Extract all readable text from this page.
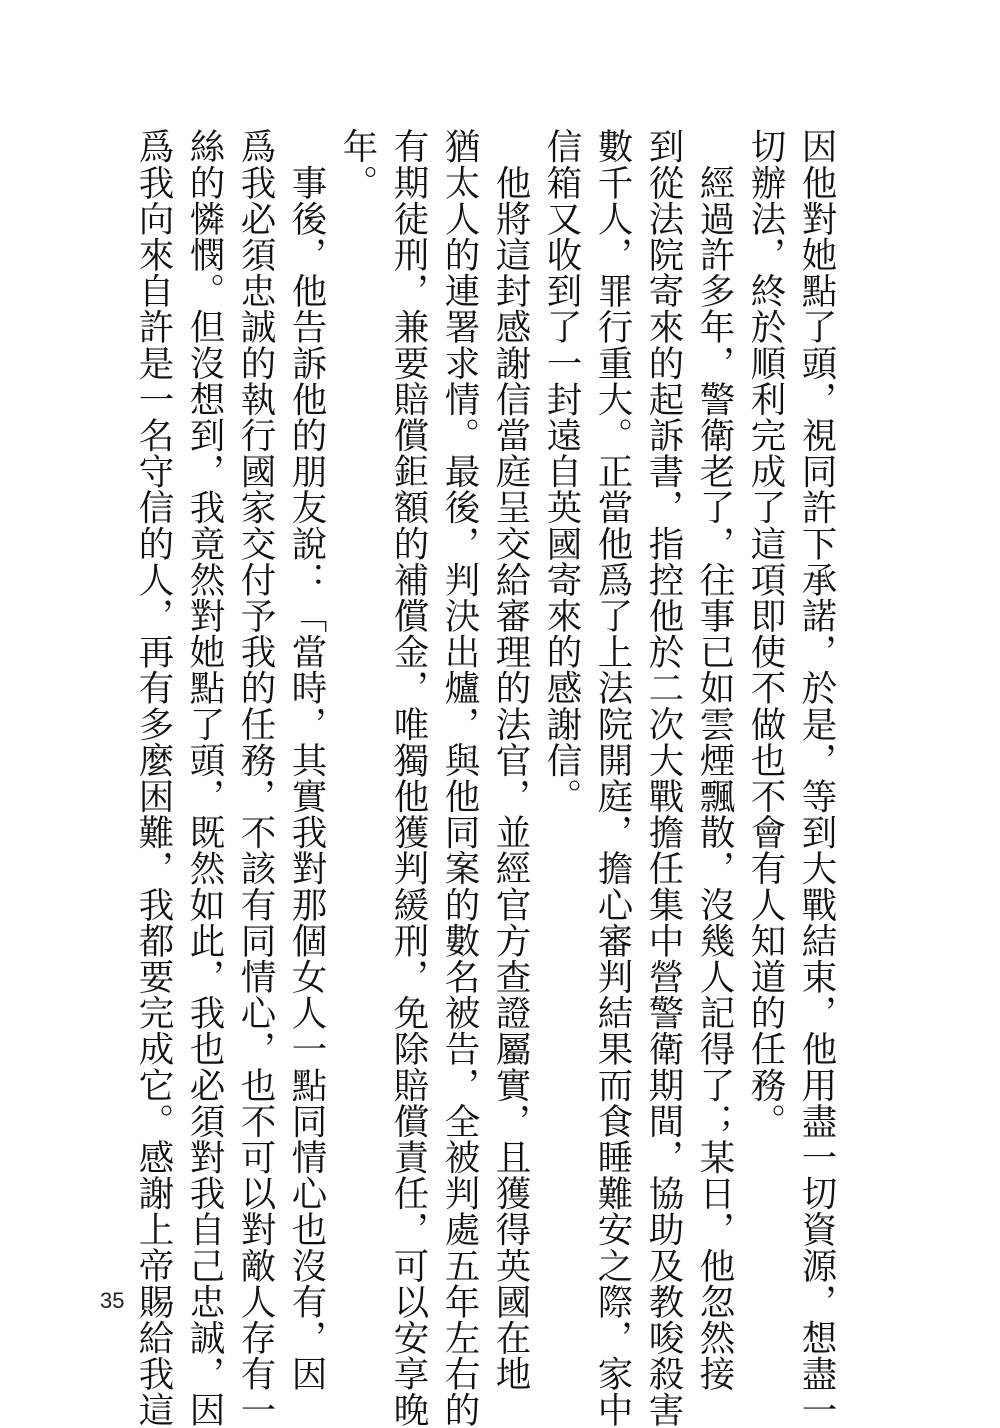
因他對她點了頭，視同許下承諾，於是，等到大戰結束，他用盡一切資源，想盡一
切辦法，終於順利完成了這項即使不做也不會有人知道的任務。
　經過許多年，警衛老了，往事已如雲煙飄散，沒幾人記得了；某日，他忽然接
到從法院寄來的起訴書，指控他於二次大戰擔任集中營警衛期間，協助及教唆殺害
數千人，罪行重大。正當他爲了上法院開庭，擔心審判結果而食睡難安之際，家中
信箱又收到了一封遠自英國寄來的感謝信。
　他將這封感謝信當庭呈交給審理的法官，並經官方查證屬實，且獲得英國在地
猶太人的連署求情。最後，判決出爐，與他同案的數名被告，全被判處五年左右的
有期徒刑，兼要賠償鉅額的補償金，唯獨他獲判緩刑，免除賠償責任，可以安享晚
年。
　事後，他告訴他的朋友說：「當時，其實我對那個女人一點同情心也沒有，因
爲我必須忠誠的執行國家交付予我的任務，不該有同情心，也不可以對敵人存有一
絲的憐憫。但沒想到，我竟然對她點了頭，既然如此，我也必須對我自己忠誠，因
爲我向來自許是一名守信的人，再有多麼困難，我都要完成它。感謝上帝賜給我這
35
